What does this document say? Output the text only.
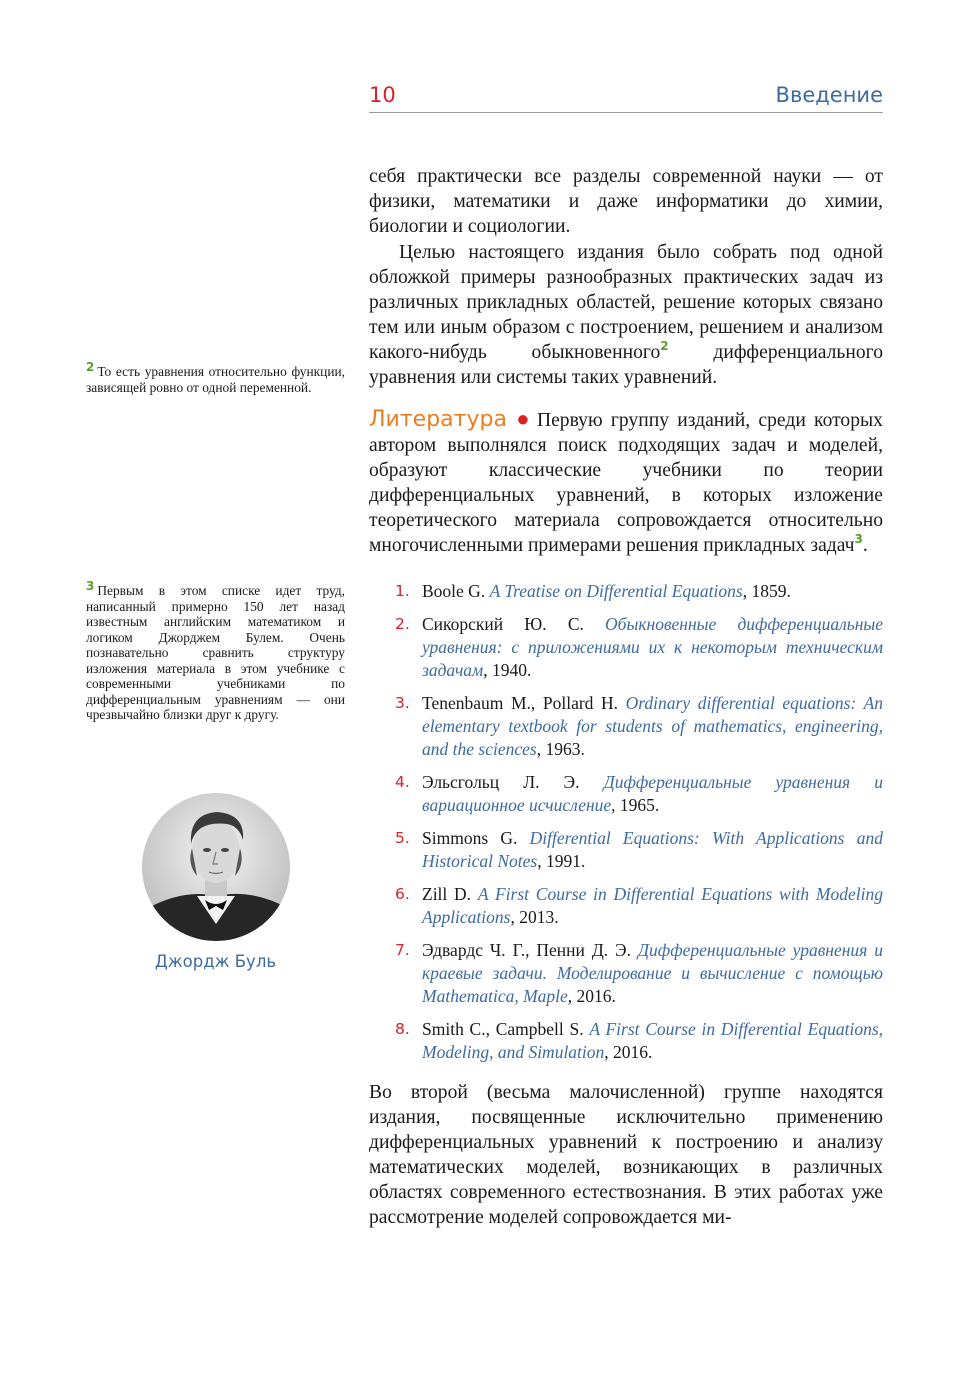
10	Введение

себя практически все разделы современной науки — от физики, математики и даже информатики до химии, биологии и социологии.

Целью настоящего издания было собрать под одной обложкой примеры разнообразных практических задач из различных прикладных областей, решение которых связано тем или иным образом с построением, решением и анализом какого-нибудь обыкновенного$^2$ дифференциального уравнения или системы таких уравнений.

Литература ● Первую группу изданий, среди которых автором выполнялся поиск подходящих задач и моделей, образуют классические учебники по теории дифференциальных уравнений, в которых изложение теоретического материала сопровождается относительно многочисленными примерами решения прикладных задач$^3$.

1. Boole G. A Treatise on Differential Equations, 1859.
2. Сикорский Ю. С. Обыкновенные дифференциальные уравнения: с приложениями их к некоторым техническим задачам, 1940.
3. Tenenbaum M., Pollard H. Ordinary differential equations: An elementary textbook for students of mathematics, engineering, and the sciences, 1963.
4. Эльсгольц Л. Э. Дифференциальные уравнения и вариационное исчисление, 1965.
5. Simmons G. Differential Equations: With Applications and Historical Notes, 1991.
6. Zill D. A First Course in Differential Equations with Modeling Applications, 2013.
7. Эдвардс Ч. Г., Пенни Д. Э. Дифференциальные уравнения и краевые задачи. Моделирование и вычисление с помощью Mathematica, Maple, 2016.
8. Smith C., Campbell S. A First Course in Differential Equations, Modeling, and Simulation, 2016.

Во второй (весьма малочисленной) группе находятся издания, посвященные исключительно применению дифференциальных уравнений к построению и анализу математических моделей, возникающих в различных областях современного естествознания. В этих работах уже рассмотрение моделей сопровождается ми-

$^2$ То есть уравнения относительно функции, зависящей ровно от одной переменной.
$^3$ Первым в этом списке идет труд, написанный примерно 150 лет назад известным английским математиком и логиком Джорджем Булем. Очень познавательно сравнить структуру изложения материала в этом учебнике с современными учебниками по дифференциальным уравнениям — они чрезвычайно близки друг к другу.
Джордж Буль
